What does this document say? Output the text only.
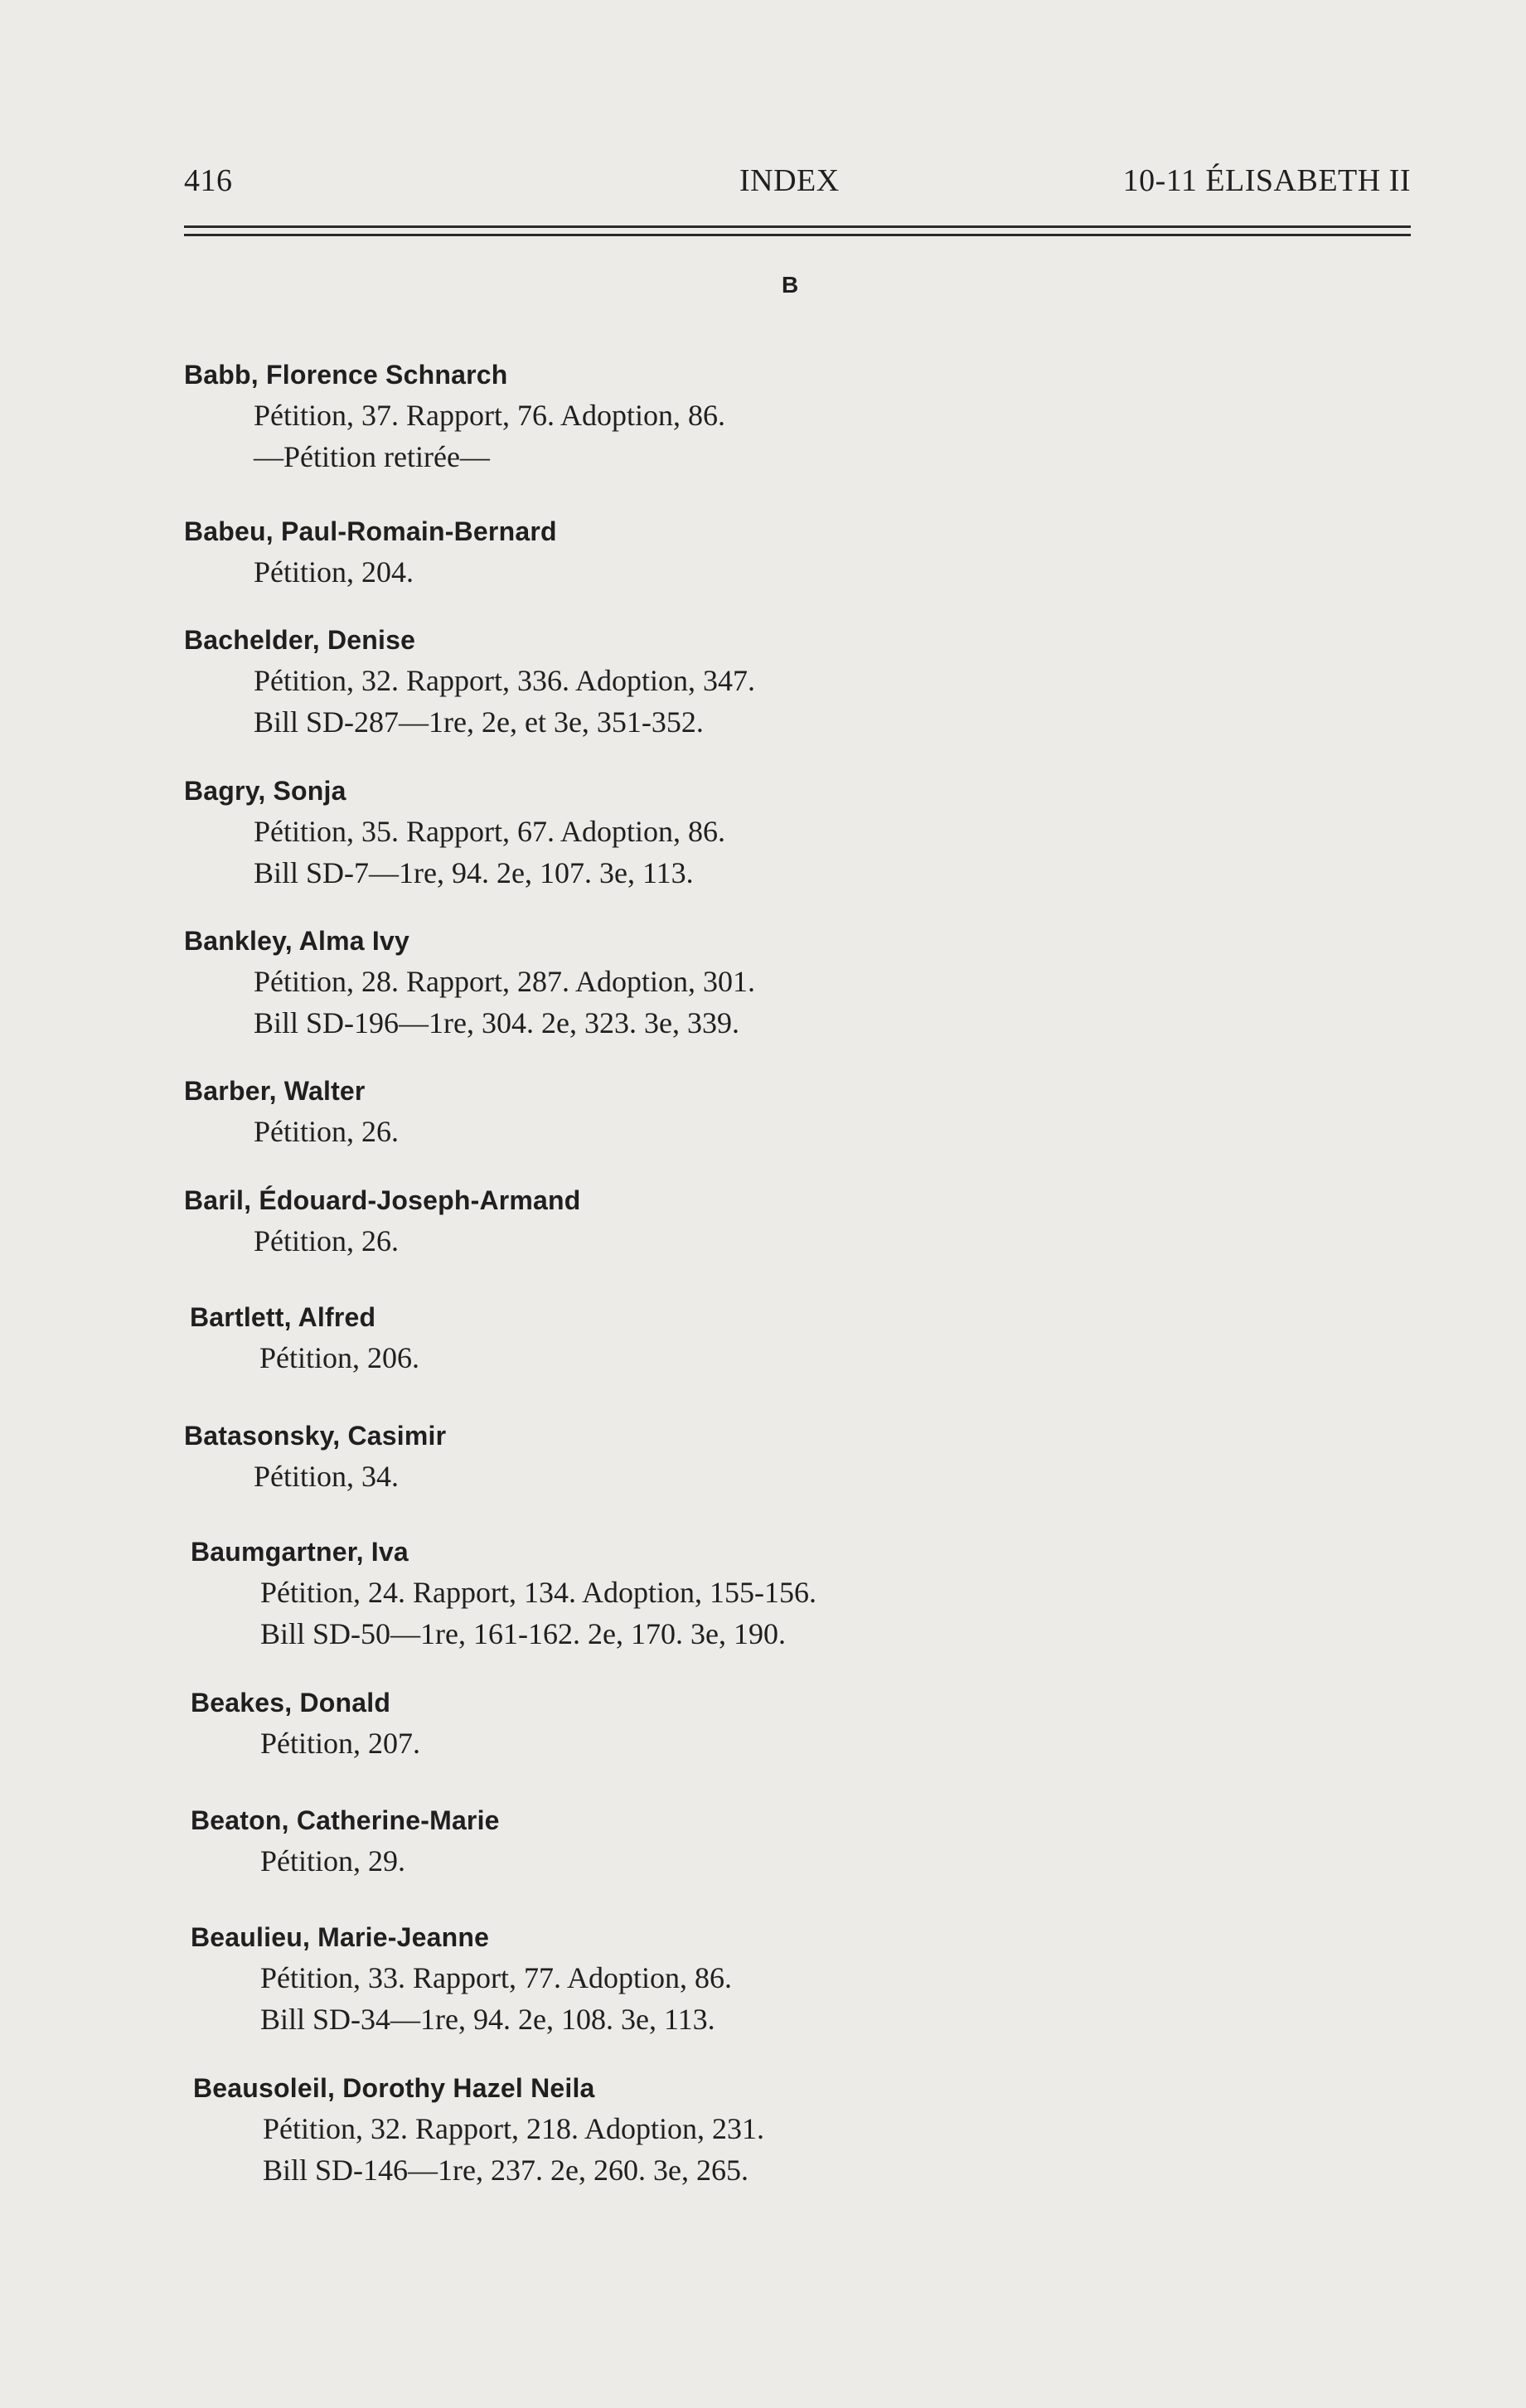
416	INDEX	10-11 ÉLISABETH II
B
Babb, Florence Schnarch
Pétition, 37. Rapport, 76. Adoption, 86.
—Pétition retirée—
Babeu, Paul-Romain-Bernard
Pétition, 204.
Bachelder, Denise
Pétition, 32. Rapport, 336. Adoption, 347.
Bill SD-287—1re, 2e, et 3e, 351-352.
Bagry, Sonja
Pétition, 35. Rapport, 67. Adoption, 86.
Bill SD-7—1re, 94. 2e, 107. 3e, 113.
Bankley, Alma Ivy
Pétition, 28. Rapport, 287. Adoption, 301.
Bill SD-196—1re, 304. 2e, 323. 3e, 339.
Barber, Walter
Pétition, 26.
Baril, Édouard-Joseph-Armand
Pétition, 26.
Bartlett, Alfred
Pétition, 206.
Batasonsky, Casimir
Pétition, 34.
Baumgartner, Iva
Pétition, 24. Rapport, 134. Adoption, 155-156.
Bill SD-50—1re, 161-162. 2e, 170. 3e, 190.
Beakes, Donald
Pétition, 207.
Beaton, Catherine-Marie
Pétition, 29.
Beaulieu, Marie-Jeanne
Pétition, 33. Rapport, 77. Adoption, 86.
Bill SD-34—1re, 94. 2e, 108. 3e, 113.
Beausoleil, Dorothy Hazel Neila
Pétition, 32. Rapport, 218. Adoption, 231.
Bill SD-146—1re, 237. 2e, 260. 3e, 265.
